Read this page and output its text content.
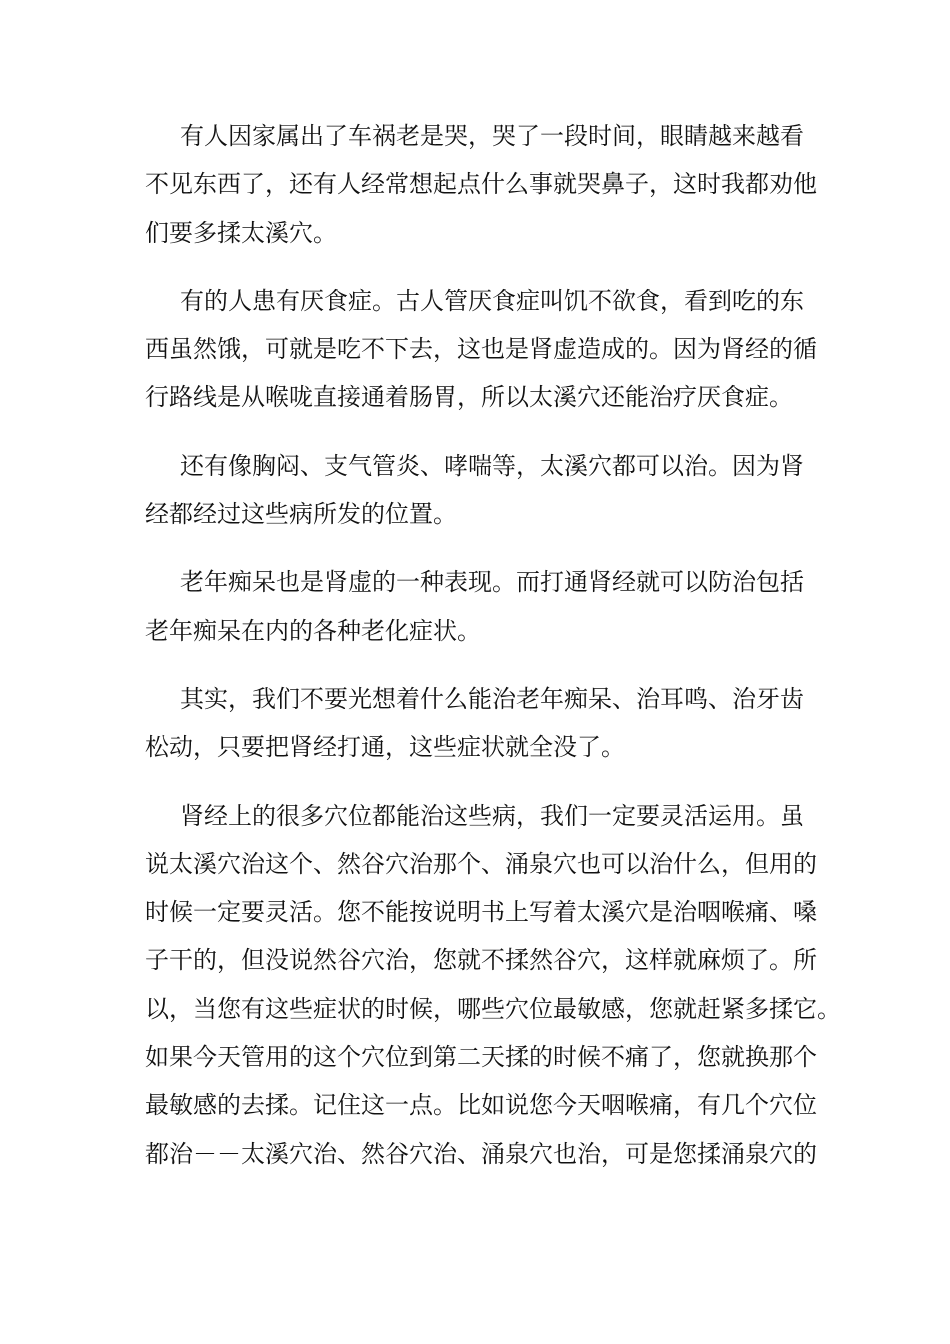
有人因家属出了车祸老是哭，哭了一段时间，眼睛越来越看
不见东西了，还有人经常想起点什么事就哭鼻子，这时我都劝他
们要多揉太溪穴。

有的人患有厌食症。古人管厌食症叫饥不欲食，看到吃的东
西虽然饿，可就是吃不下去，这也是肾虚造成的。因为肾经的循
行路线是从喉咙直接通着肠胃，所以太溪穴还能治疗厌食症。

还有像胸闷、支气管炎、哮喘等，太溪穴都可以治。因为肾
经都经过这些病所发的位置。

老年痴呆也是肾虚的一种表现。而打通肾经就可以防治包括
老年痴呆在内的各种老化症状。

其实，我们不要光想着什么能治老年痴呆、治耳鸣、治牙齿
松动，只要把肾经打通，这些症状就全没了。

肾经上的很多穴位都能治这些病，我们一定要灵活运用。虽
说太溪穴治这个、然谷穴治那个、涌泉穴也可以治什么，但用的
时候一定要灵活。您不能按说明书上写着太溪穴是治咽喉痛、嗓
子干的，但没说然谷穴治，您就不揉然谷穴，这样就麻烦了。所
以，当您有这些症状的时候，哪些穴位最敏感，您就赶紧多揉它。
如果今天管用的这个穴位到第二天揉的时候不痛了，您就换那个
最敏感的去揉。记住这一点。比如说您今天咽喉痛，有几个穴位
都治－－太溪穴治、然谷穴治、涌泉穴也治，可是您揉涌泉穴的
